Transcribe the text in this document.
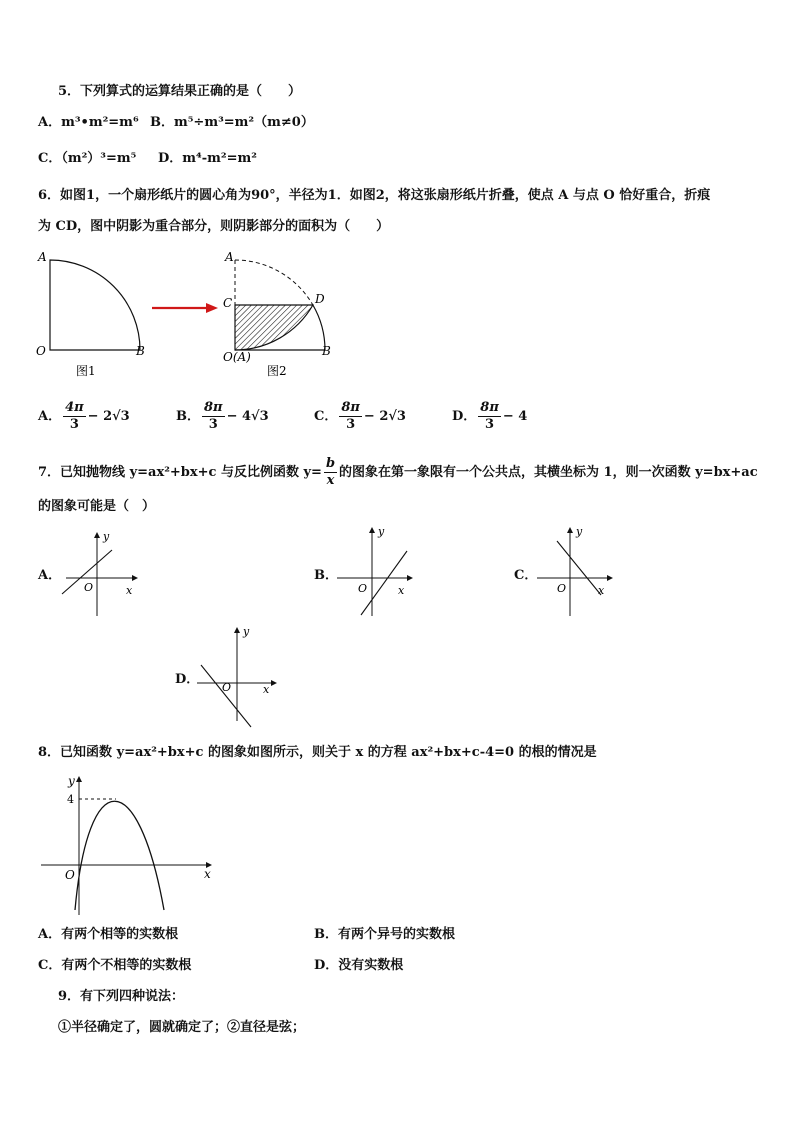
5．下列算式的运算结果正确的是（　　）
A．m³•m²=m⁶ B．m⁵÷m³=m²（m≠0）
C．（m²）³=m⁵ D．m⁴-m²=m²
6．如图1，一个扇形纸片的圆心角为90°，半径为1．如图2，将这张扇形纸片折叠，使点 A 与点 O 恰好重合，折痕
为 CD，图中阴影为重合部分，则阴影部分的面积为（　　）
A
O	B
图1
A
C	D
O(A)	B
图2
A． $\frac{4\pi}{3} - 2√3$	B． $\frac{8\pi}{3} - 4√3$	C． $\frac{8\pi}{3} - 2√3$	D． $\frac{8\pi}{3} - 4$
7．已知抛物线 y=ax²+bx+c 与反比例函数 $y= \frac{b}{x}$ 的图象在第一象限有一个公共点，其横坐标为 1，则一次函数 y=bx+ac
的图象可能是（　）
A．
y
O	x
B．
y
O	x
C．
y
O	x
D．
y
O	x
8．已知函数 y=ax²+bx+c 的图象如图所示，则关于 x 的方程 ax²+bx+c-4=0 的根的情况是
y
4
O	x
A．有两个相等的实数根	B．有两个异号的实数根
C．有两个不相等的实数根	D．没有实数根
9．有下列四种说法：
①半径确定了，圆就确定了；②直径是弦；
